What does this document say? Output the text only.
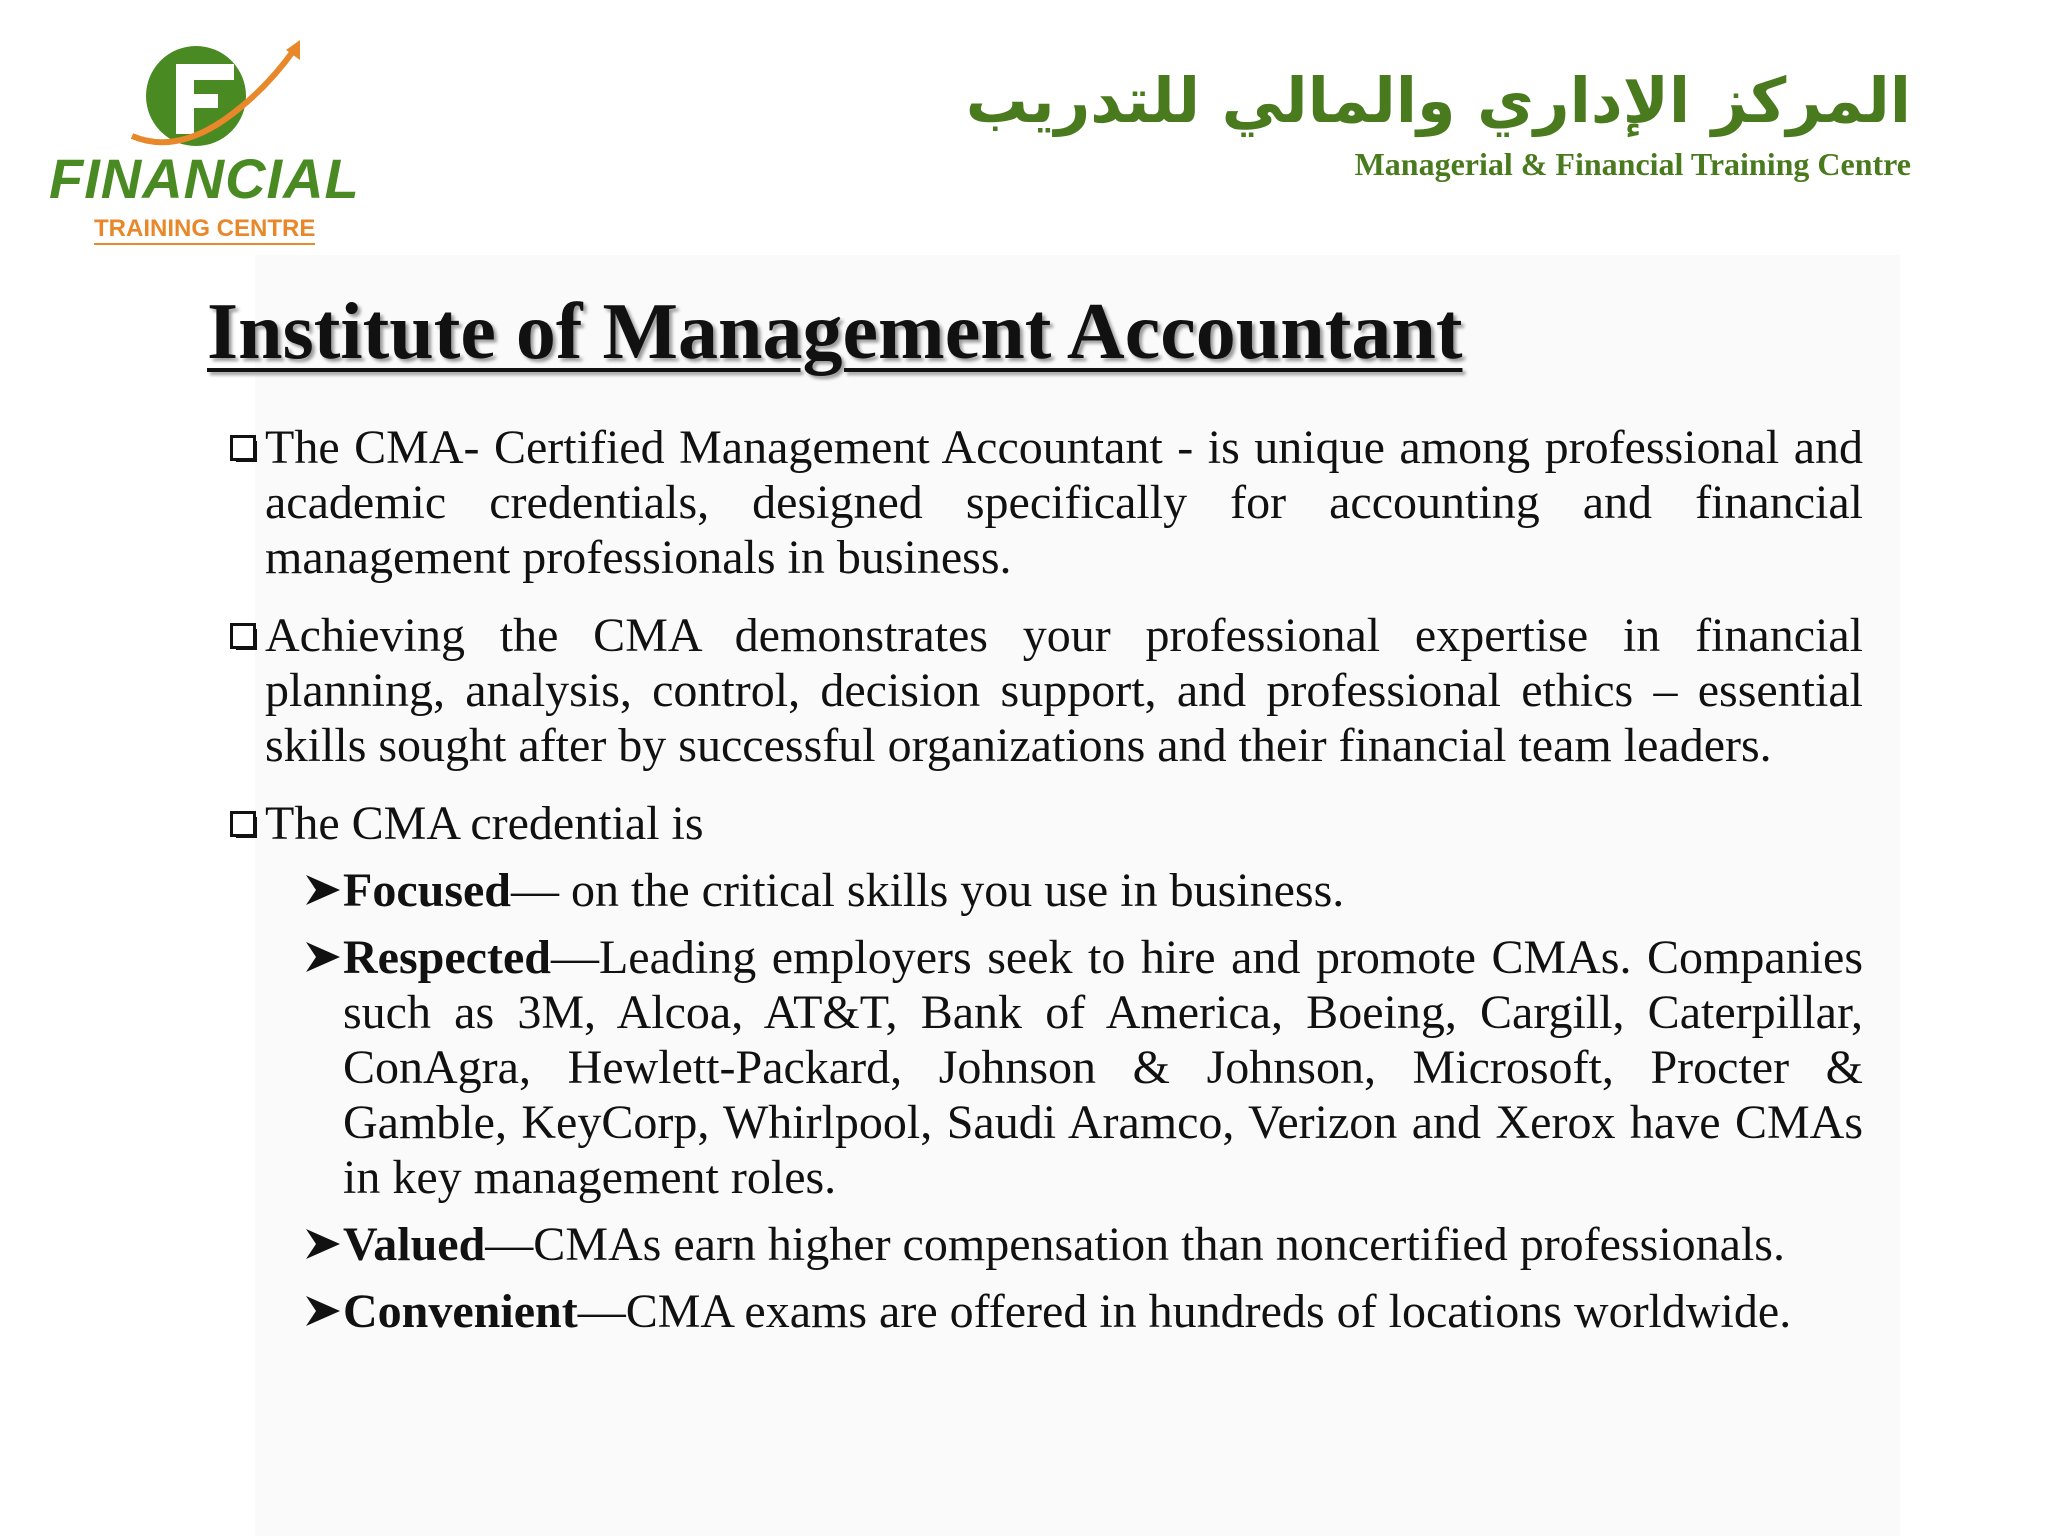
FINANCIAL
TRAINING CENTRE
المركز الإداري والمالي للتدريب
Managerial & Financial Training Centre
Institute of Management Accountant
The CMA- Certified Management Accountant - is unique among professional and academic credentials, designed specifically for accounting and financial management professionals in business.
Achieving the CMA demonstrates your professional expertise in financial planning, analysis, control, decision support, and professional ethics – essential skills sought after by successful organizations and their financial team leaders.
The CMA credential is
Focused— on the critical skills you use in business.
Respected—Leading employers seek to hire and promote CMAs. Companies such as 3M, Alcoa, AT&T, Bank of America, Boeing, Cargill, Caterpillar, ConAgra, Hewlett-Packard, Johnson & Johnson, Microsoft, Procter & Gamble, KeyCorp, Whirlpool, Saudi Aramco, Verizon and Xerox have CMAs in key management roles.
Valued—CMAs earn higher compensation than noncertified professionals.
Convenient—CMA exams are offered in hundreds of locations worldwide.
